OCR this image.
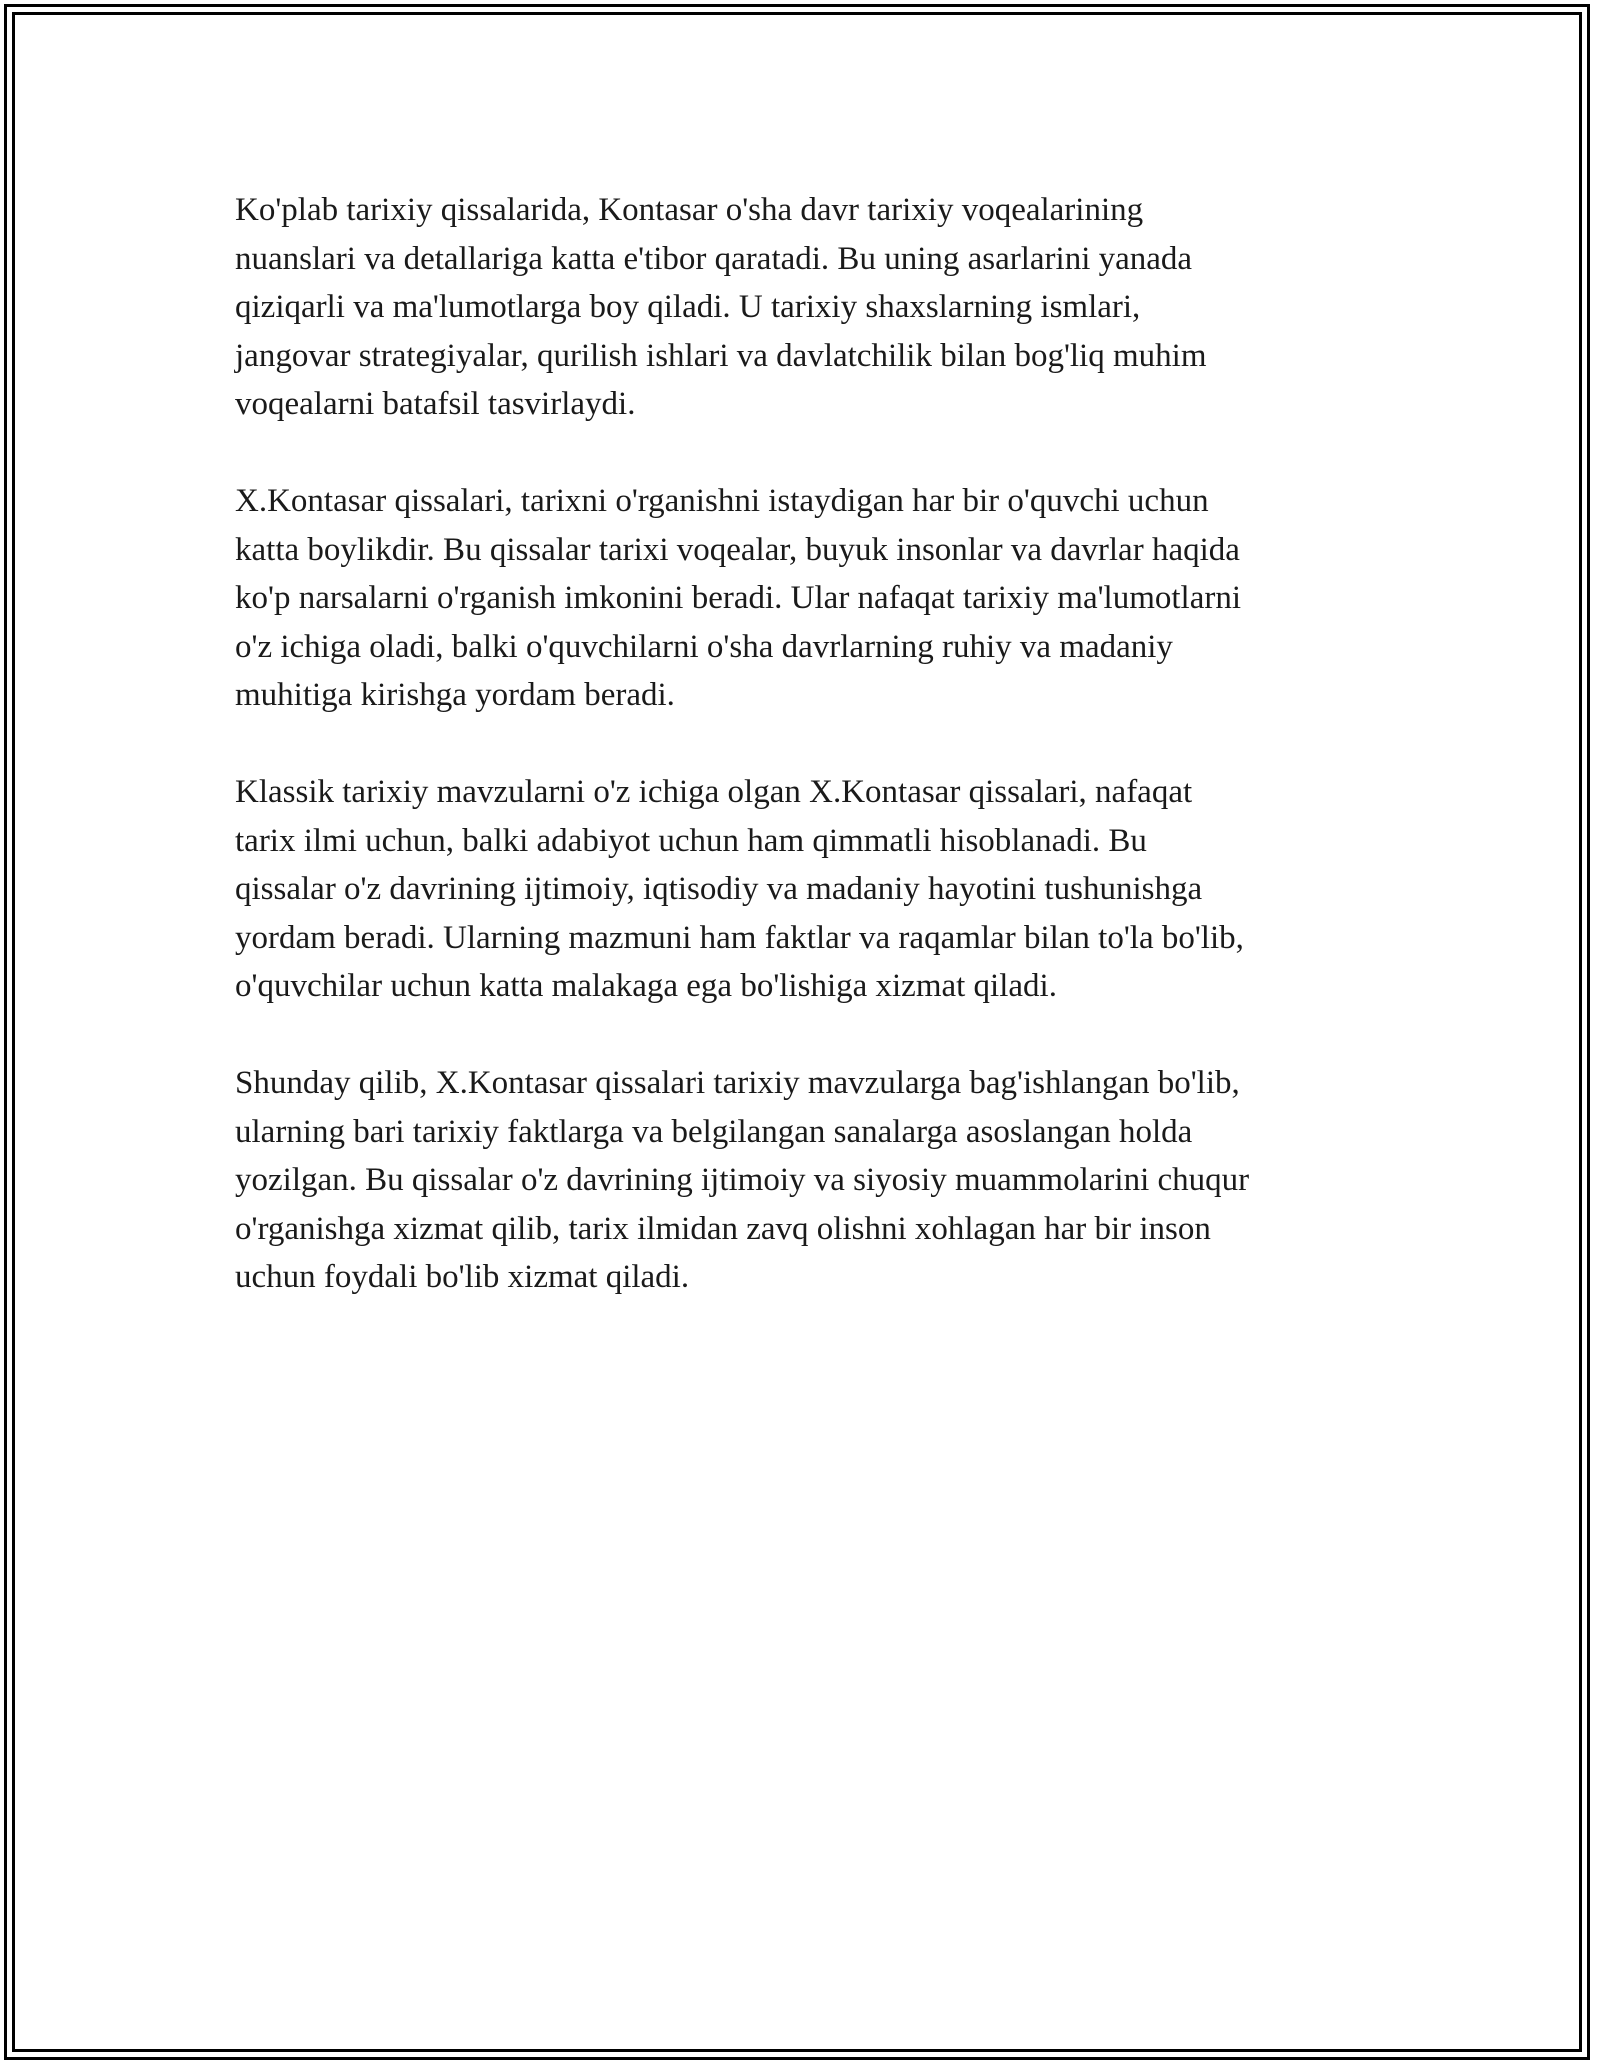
Ko'plab tarixiy qissalarida, Kontasar o'sha davr tarixiy voqealarining
nuanslari va detallariga katta e'tibor qaratadi. Bu uning asarlarini yanada
qiziqarli va ma'lumotlarga boy qiladi. U tarixiy shaxslarning ismlari,
jangovar strategiyalar, qurilish ishlari va davlatchilik bilan bog'liq muhim
voqealarni batafsil tasvirlaydi.

X.Kontasar qissalari, tarixni o'rganishni istaydigan har bir o'quvchi uchun
katta boylikdir. Bu qissalar tarixi voqealar, buyuk insonlar va davrlar haqida
ko'p narsalarni o'rganish imkonini beradi. Ular nafaqat tarixiy ma'lumotlarni
o'z ichiga oladi, balki o'quvchilarni o'sha davrlarning ruhiy va madaniy
muhitiga kirishga yordam beradi.

Klassik tarixiy mavzularni o'z ichiga olgan X.Kontasar qissalari, nafaqat
tarix ilmi uchun, balki adabiyot uchun ham qimmatli hisoblanadi. Bu
qissalar o'z davrining ijtimoiy, iqtisodiy va madaniy hayotini tushunishga
yordam beradi. Ularning mazmuni ham faktlar va raqamlar bilan to'la bo'lib,
o'quvchilar uchun katta malakaga ega bo'lishiga xizmat qiladi.

Shunday qilib, X.Kontasar qissalari tarixiy mavzularga bag'ishlangan bo'lib,
ularning bari tarixiy faktlarga va belgilangan sanalarga asoslangan holda
yozilgan. Bu qissalar o'z davrining ijtimoiy va siyosiy muammolarini chuqur
o'rganishga xizmat qilib, tarix ilmidan zavq olishni xohlagan har bir inson
uchun foydali bo'lib xizmat qiladi.
